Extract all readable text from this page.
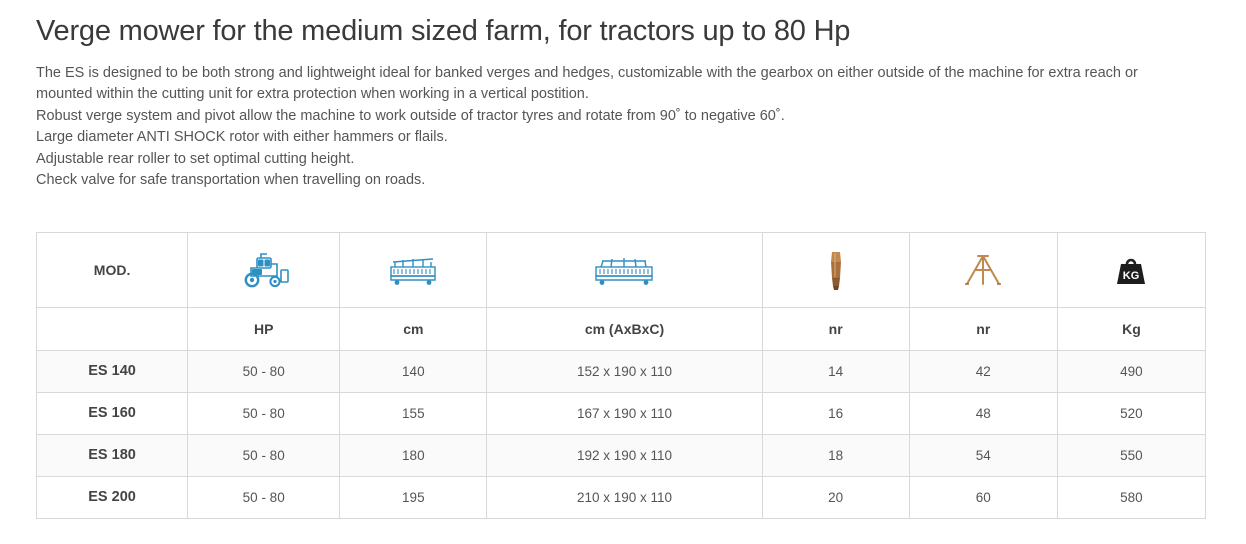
Verge mower for the medium sized farm, for tractors up to 80 Hp

The ES is designed to be both strong and lightweight ideal for banked verges and hedges, customizable with the gearbox on either outside of the machine for extra reach or mounted within the cutting unit for extra protection when working in a vertical postition.

Robust verge system and pivot allow the machine to work outside of tractor tyres and rotate from 90˚ to negative 60˚.

Large diameter ANTI SHOCK rotor with either hammers or flails.

Adjustable rear roller to set optimal cutting height.

Check valve for safe transportation when travelling on roads.

MOD.						KG

	HP	cm	cm (AxBxC)	nr	nr	Kg
ES 140	50 - 80	140	152 x 190 x 110	14	42	490
ES 160	50 - 80	155	167 x 190 x 110	16	48	520
ES 180	50 - 80	180	192 x 190 x 110	18	54	550
ES 200	50 - 80	195	210 x 190 x 110	20	60	580
